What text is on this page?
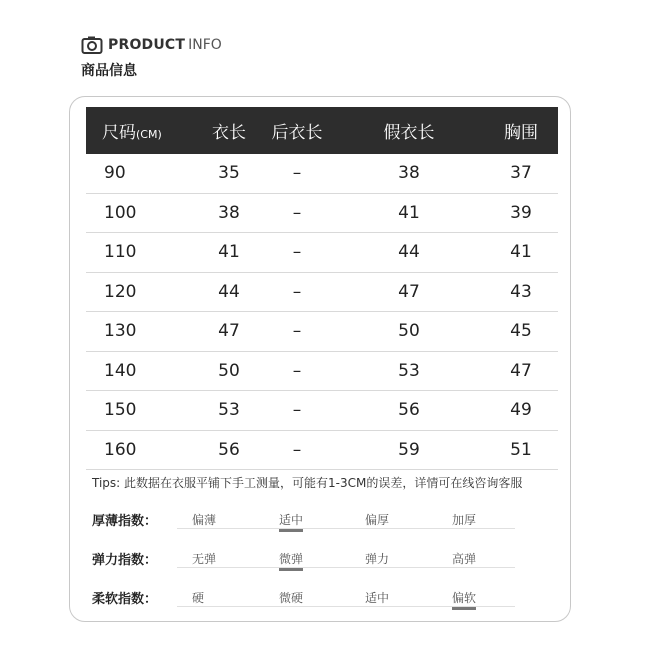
PRODUCT INFO
商品信息
尺码(CM)	衣长	后衣长	假衣长	胸围
90	35	–	38	37
100	38	–	41	39
110	41	–	44	41
120	44	–	47	43
130	47	–	50	45
140	50	–	53	47
150	53	–	56	49
160	56	–	59	51
Tips: 此数据在衣服平铺下手工测量，可能有1-3CM的误差，详情可在线咨询客服
厚薄指数：	偏薄	适中	偏厚	加厚
弹力指数：	无弹	微弹	弹力	高弹
柔软指数：	硬	微硬	适中	偏软
